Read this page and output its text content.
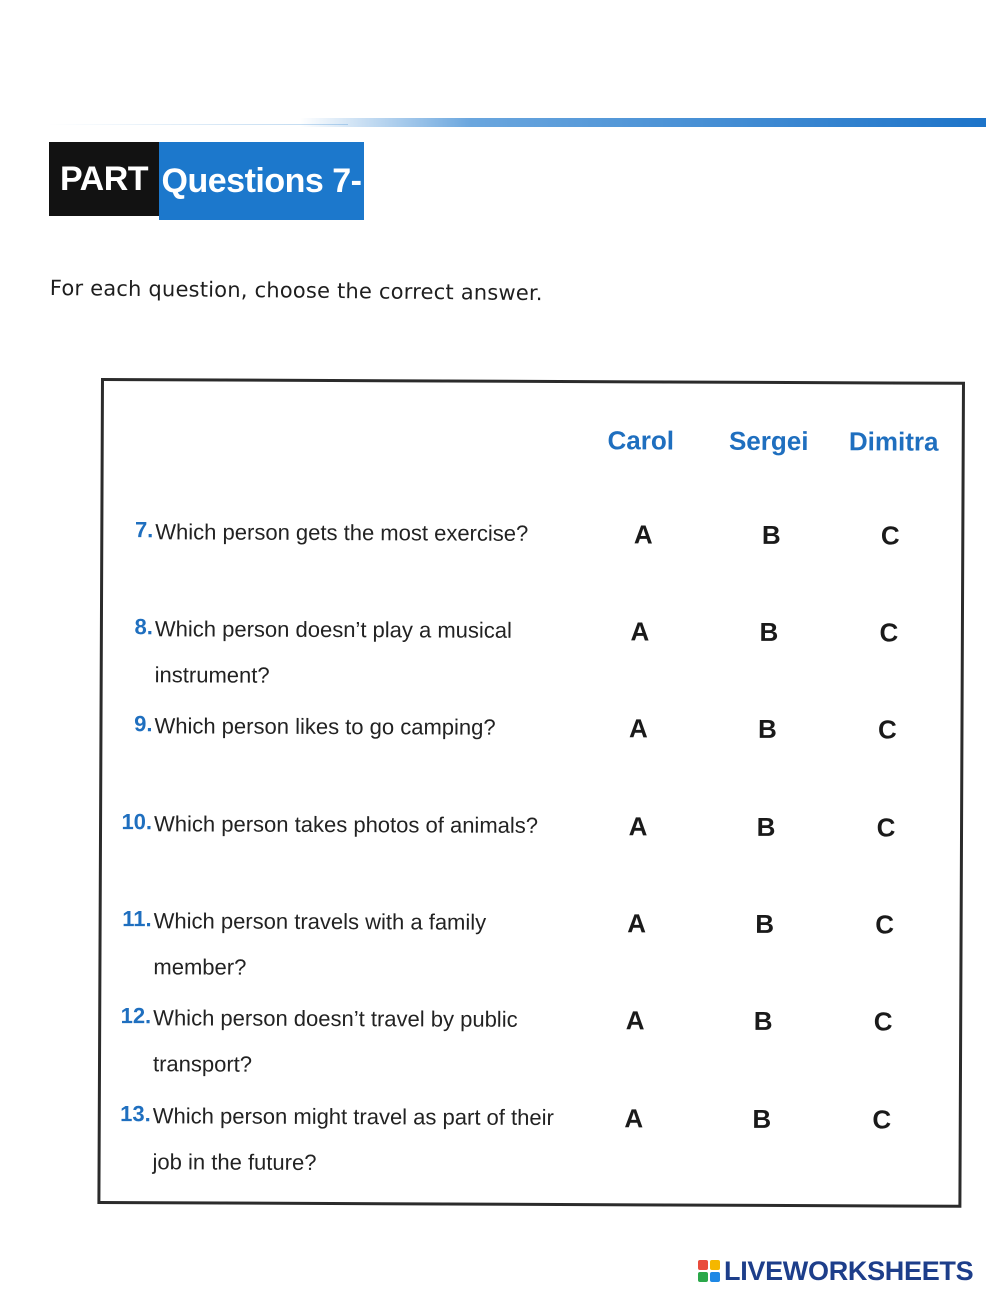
PART 2
Questions 7-13
For each question, choose the correct answer.
Carol	Sergei	Dimitra
7. Which person gets the most exercise?	A	B	C
8. Which person doesn’t play a musical instrument?
A	B	C
9. Which person likes to go camping?	A	B	C
10. Which person takes photos of animals?	A	B	C
11. Which person travels with a family member?
A	B	C
12. Which person doesn’t travel by public transport?
A	B	C
13. Which person might travel as part of their job in the future?
A	B	C
LIVEWORKSHEETS
